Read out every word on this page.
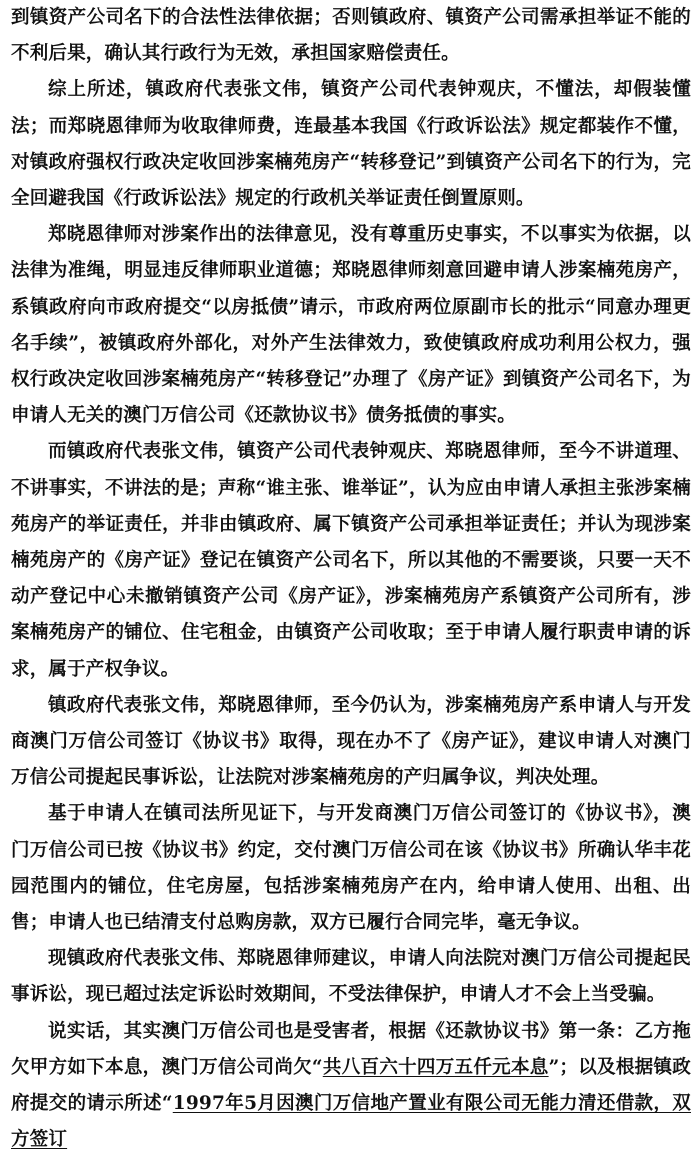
到镇资产公司名下的合法性法律依据；否则镇政府、镇资产公司需承担举证不能的不利后果，确认其行政行为无效，承担国家赔偿责任。

综上所述，镇政府代表张文伟，镇资产公司代表钟观庆，不懂法，却假装懂法；而郑晓恩律师为收取律师费，连最基本我国《行政诉讼法》规定都装作不懂，对镇政府强权行政决定收回涉案楠苑房产“转移登记”到镇资产公司名下的行为，完全回避我国《行政诉讼法》规定的行政机关举证责任倒置原则。

郑晓恩律师对涉案作出的法律意见，没有尊重历史事实，不以事实为依据，以法律为准绳，明显违反律师职业道德；郑晓恩律师刻意回避申请人涉案楠苑房产，系镇政府向市政府提交“以房抵债”请示，市政府两位原副市长的批示“同意办理更名手续”，被镇政府外部化，对外产生法律效力，致使镇政府成功利用公权力，强权行政决定收回涉案楠苑房产“转移登记”办理了《房产证》到镇资产公司名下，为申请人无关的澳门万信公司《还款协议书》债务抵债的事实。

而镇政府代表张文伟，镇资产公司代表钟观庆、郑晓恩律师，至今不讲道理、不讲事实，不讲法的是；声称“谁主张、谁举证”，认为应由申请人承担主张涉案楠苑房产的举证责任，并非由镇政府、属下镇资产公司承担举证责任；并认为现涉案楠苑房产的《房产证》登记在镇资产公司名下，所以其他的不需要谈，只要一天不动产登记中心未撤销镇资产公司《房产证》，涉案楠苑房产系镇资产公司所有，涉案楠苑房产的铺位、住宅租金，由镇资产公司收取；至于申请人履行职责申请的诉求，属于产权争议。

镇政府代表张文伟，郑晓恩律师，至今仍认为，涉案楠苑房产系申请人与开发商澳门万信公司签订《协议书》取得，现在办不了《房产证》，建议申请人对澳门万信公司提起民事诉讼，让法院对涉案楠苑房的产归属争议，判决处理。

基于申请人在镇司法所见证下，与开发商澳门万信公司签订的《协议书》，澳门万信公司已按《协议书》约定，交付澳门万信公司在该《协议书》所确认华丰花园范围内的铺位，住宅房屋，包括涉案楠苑房产在内，给申请人使用、出租、出售；申请人也已结清支付总购房款，双方已履行合同完毕，毫无争议。

现镇政府代表张文伟、郑晓恩律师建议，申请人向法院对澳门万信公司提起民事诉讼，现已超过法定诉讼时效期间，不受法律保护，申请人才不会上当受骗。

说实话，其实澳门万信公司也是受害者，根据《还款协议书》第一条：乙方拖欠甲方如下本息，澳门万信公司尚欠“共八百六十四万五仟元本息”；以及根据镇政府提交的请示所述“1997年5月因澳门万信地产置业有限公司无能力清还借款，双方签订
